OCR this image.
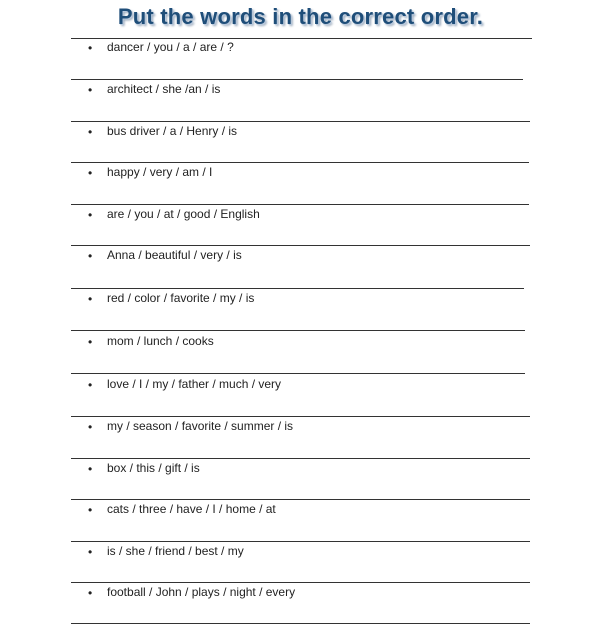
Put the words in the correct order.
• dancer / you / a / are / ?
• architect / she /an / is
• bus driver / a / Henry / is
• happy / very / am / I
• are / you / at / good / English
• Anna / beautiful / very / is
• red / color / favorite / my / is
• mom / lunch / cooks
• love / I / my / father / much / very
• my / season / favorite / summer / is
• box / this / gift / is
• cats / three / have / I / home / at
• is / she / friend / best / my
• football / John / plays / night / every
